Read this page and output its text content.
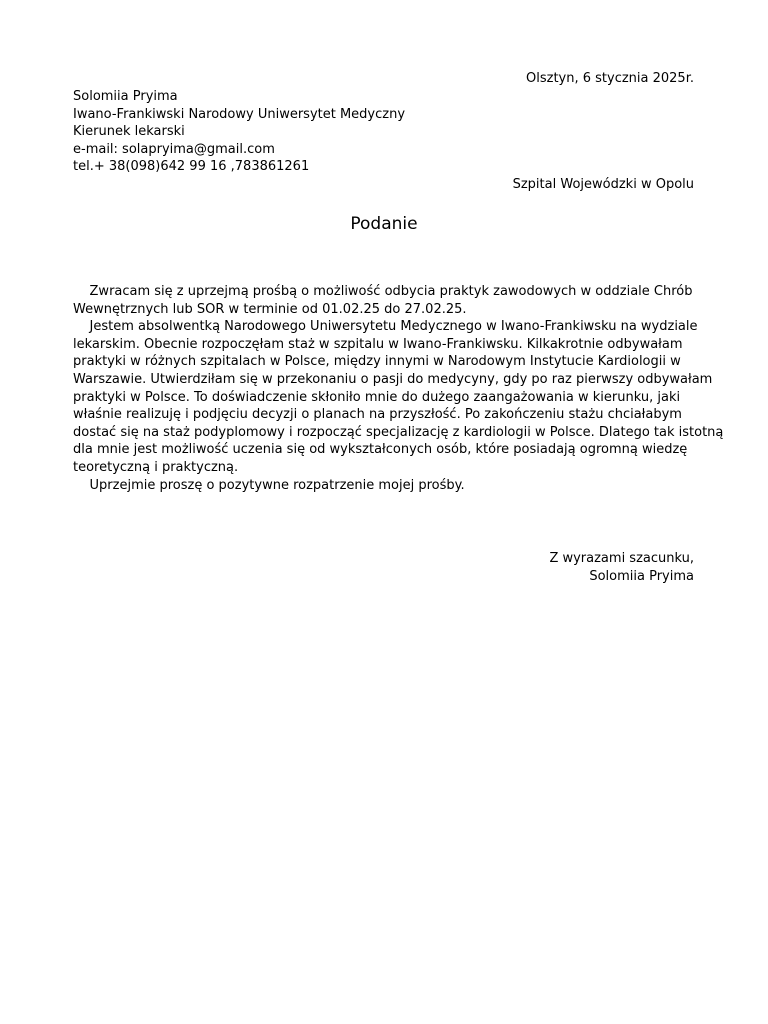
Olsztyn, 6 stycznia 2025r.
Solomiia Pryima
Iwano-Frankiwski Narodowy Uniwersytet Medyczny
Kierunek lekarski
e-mail: solapryima@gmail.com
tel.+ 38(098)642 99 16 ,783861261
Szpital Wojewódzki w Opolu
Podanie
Zwracam się z uprzejmą prośbą o możliwość odbycia praktyk zawodowych w oddziale Chrób
Wewnętrznych lub SOR w terminie od 01.02.25 do 27.02.25.
Jestem absolwentką Narodowego Uniwersytetu Medycznego w Iwano-Frankiwsku na wydziale
lekarskim. Obecnie rozpoczęłam staż w szpitalu w Iwano-Frankiwsku. Kilkakrotnie odbywałam
praktyki w różnych szpitalach w Polsce, między innymi w Narodowym Instytucie Kardiologii w
Warszawie. Utwierdziłam się w przekonaniu o pasji do medycyny, gdy po raz pierwszy odbywałam
praktyki w Polsce. To doświadczenie skłoniło mnie do dużego zaangażowania w kierunku, jaki
właśnie realizuję i podjęciu decyzji o planach na przyszłość. Po zakończeniu stażu chciałabym
dostać się na staż podyplomowy i rozpocząć specjalizację z kardiologii w Polsce. Dlatego tak istotną
dla mnie jest możliwość uczenia się od wykształconych osób, które posiadają ogromną wiedzę
teoretyczną i praktyczną.
Uprzejmie proszę o pozytywne rozpatrzenie mojej prośby.
Z wyrazami szacunku,
Solomiia Pryima
